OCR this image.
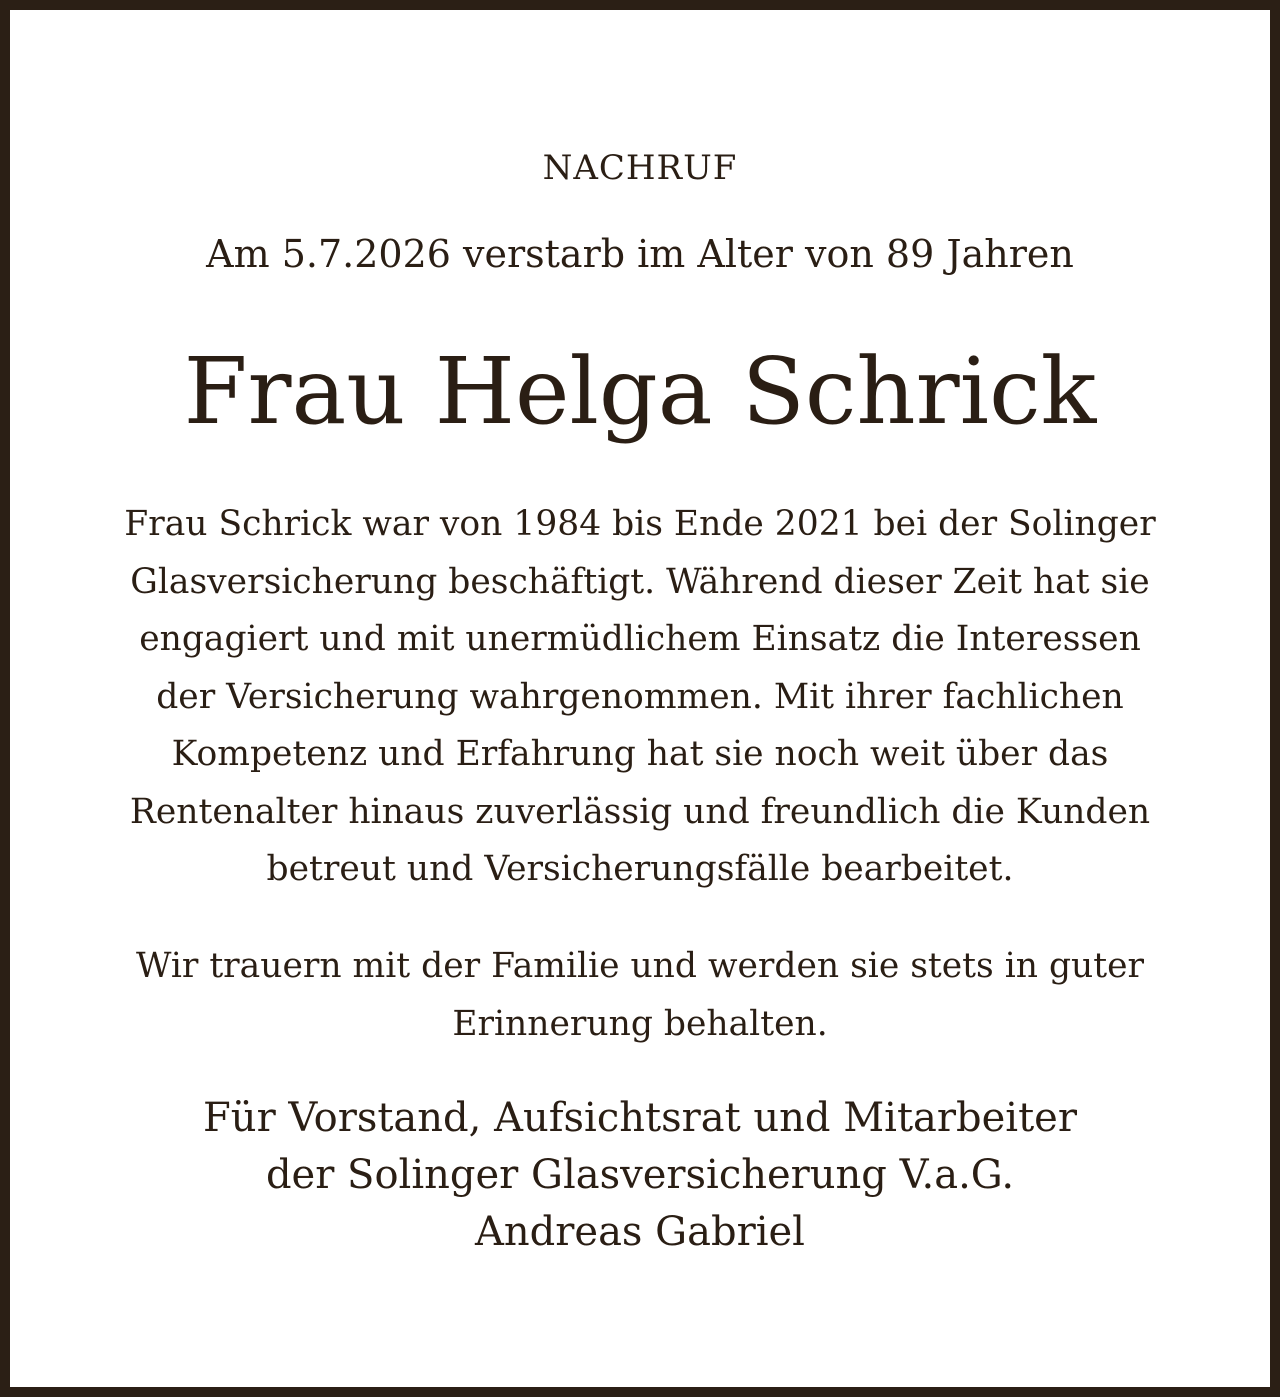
NACHRUF
Am 5.7.2026 verstarb im Alter von 89 Jahren
Frau Helga Schrick

Frau Schrick war von 1984 bis Ende 2021 bei der Solinger
Glasversicherung beschäftigt. Während dieser Zeit hat sie
engagiert und mit unermüdlichem Einsatz die Interessen
der Versicherung wahrgenommen. Mit ihrer fachlichen
Kompetenz und Erfahrung hat sie noch weit über das
Rentenalter hinaus zuverlässig und freundlich die Kunden
betreut und Versicherungsfälle bearbeitet.

Wir trauern mit der Familie und werden sie stets in guter
Erinnerung behalten.

Für Vorstand, Aufsichtsrat und Mitarbeiter
der Solinger Glasversicherung V.a.G.
Andreas Gabriel
